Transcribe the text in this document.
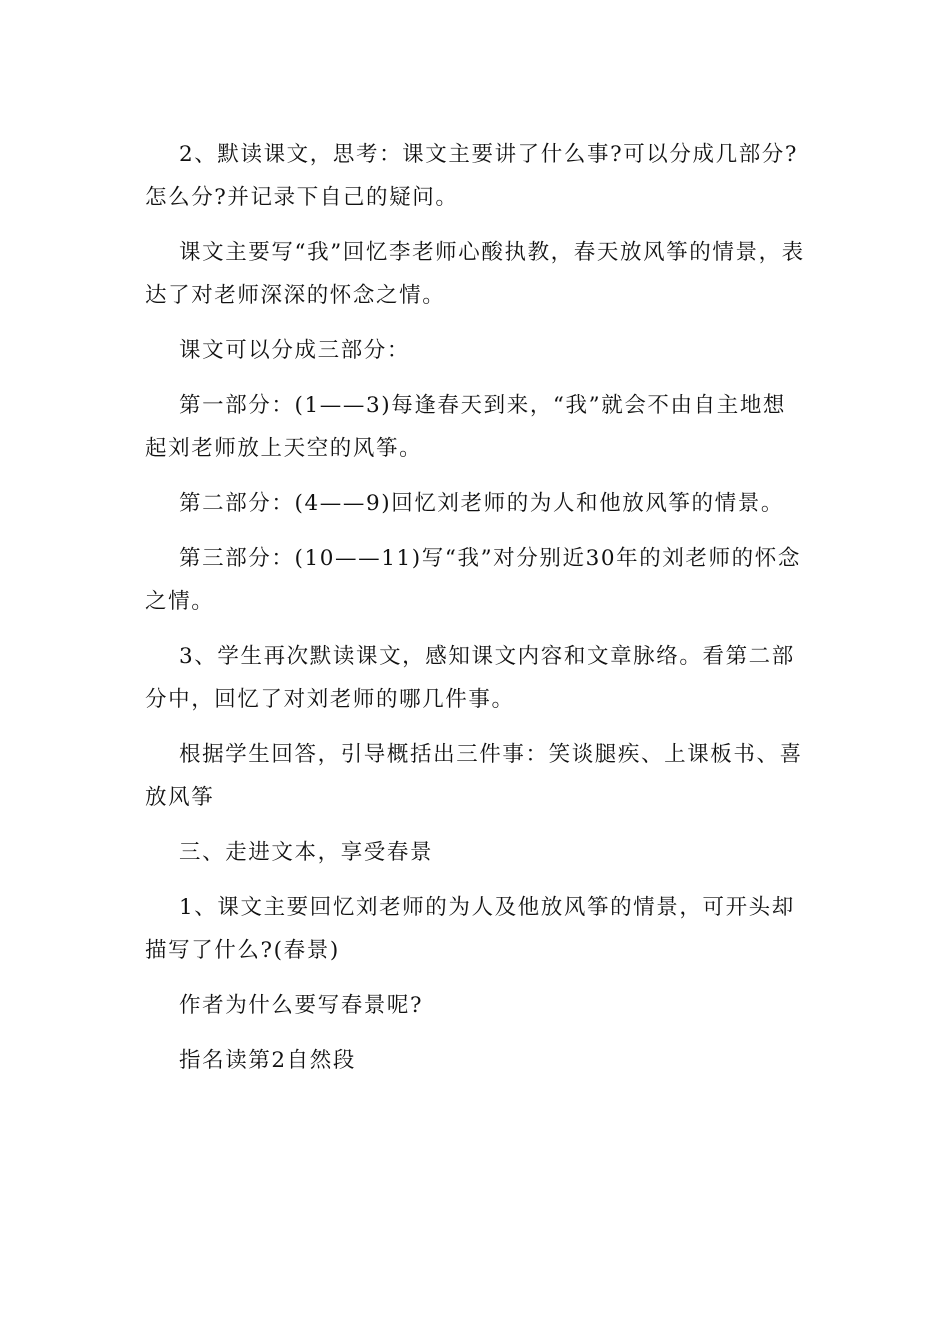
2、默读课文，思考：课文主要讲了什么事?可以分成几部分?怎么分?并记录下自己的疑问。

课文主要写“我”回忆李老师心酸执教，春天放风筝的情景，表达了对老师深深的怀念之情。

课文可以分成三部分：

第一部分：(1——3)每逢春天到来，“我”就会不由自主地想起刘老师放上天空的风筝。

第二部分：(4——9)回忆刘老师的为人和他放风筝的情景。

第三部分：(10——11)写“我”对分别近30年的刘老师的怀念之情。

3、学生再次默读课文，感知课文内容和文章脉络。看第二部分中，回忆了对刘老师的哪几件事。

根据学生回答，引导概括出三件事：笑谈腿疾、上课板书、喜放风筝

三、走进文本，享受春景

1、课文主要回忆刘老师的为人及他放风筝的情景，可开头却描写了什么?(春景)

作者为什么要写春景呢?

指名读第2自然段
